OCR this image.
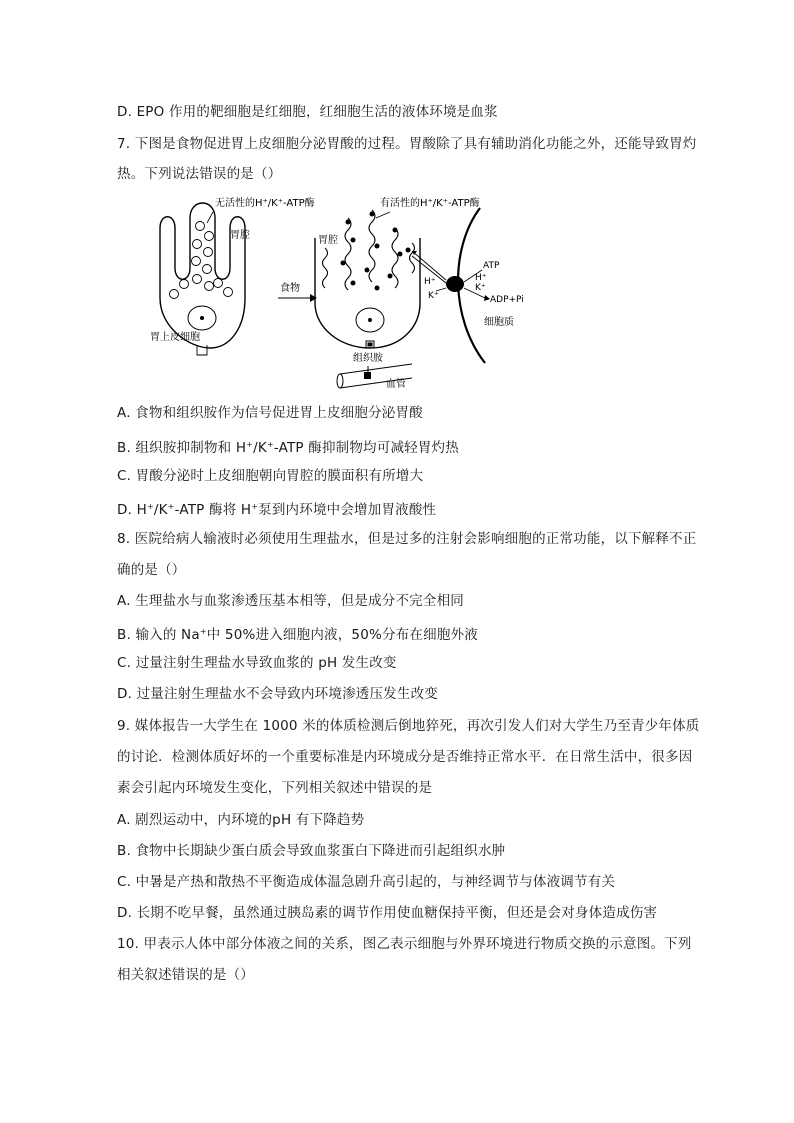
D. EPO 作用的靶细胞是红细胞，红细胞生活的液体环境是血浆
7. 下图是食物促进胃上皮细胞分泌胃酸的过程。胃酸除了具有辅助消化功能之外，还能导致胃灼
热。下列说法错误的是（）
无活性的H⁺/K⁺-ATP酶
胃腔
胃上皮细胞
食物
有活性的H⁺/K⁺-ATP酶
胃腔
组织胺
血管
H⁺
K⁺
ATP
H⁺
K⁺
ADP+Pi
细胞质
A. 食物和组织胺作为信号促进胃上皮细胞分泌胃酸
B. 组织胺抑制物和 H+/K+-ATP 酶抑制物均可减轻胃灼热
C. 胃酸分泌时上皮细胞朝向胃腔的膜面积有所增大
D. H+/K+-ATP 酶将 H+泵到内环境中会增加胃液酸性
8. 医院给病人输液时必须使用生理盐水，但是过多的注射会影响细胞的正常功能，以下解释不正
确的是（）
A. 生理盐水与血浆渗透压基本相等，但是成分不完全相同
B. 输入的 Na+中 50%进入细胞内液，50%分布在细胞外液
C. 过量注射生理盐水导致血浆的 pH 发生改变
D. 过量注射生理盐水不会导致内环境渗透压发生改变
9. 媒体报告一大学生在 1000 米的体质检测后倒地猝死，再次引发人们对大学生乃至青少年体质
的讨论．检测体质好坏的一个重要标准是内环境成分是否维持正常水平．在日常生活中，很多因
素会引起内环境发生变化，下列相关叙述中错误的是
A. 剧烈运动中，内环境的pH 有下降趋势
B. 食物中长期缺少蛋白质会导致血浆蛋白下降进而引起组织水肿
C. 中暑是产热和散热不平衡造成体温急剧升高引起的，与神经调节与体液调节有关
D. 长期不吃早餐，虽然通过胰岛素的调节作用使血糖保持平衡，但还是会对身体造成伤害
10. 甲表示人体中部分体液之间的关系，图乙表示细胞与外界环境进行物质交换的示意图。下列
相关叙述错误的是（）
